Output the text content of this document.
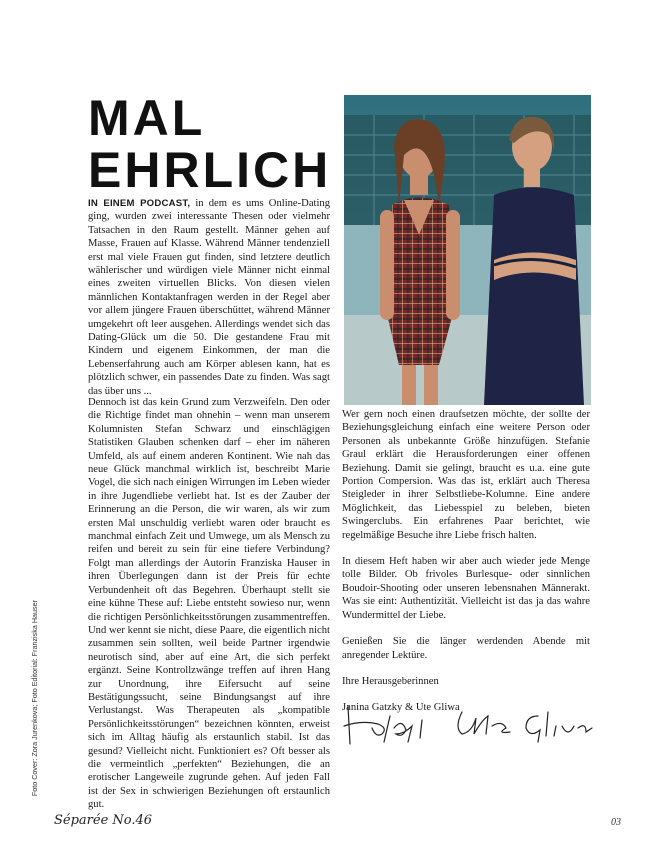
MAL
EHRLICH

IN EINEM PODCAST, in dem es ums Online-Dating ging, wurden zwei interessante Thesen oder vielmehr Tatsachen in den Raum gestellt. Männer gehen auf Masse, Frauen auf Klasse. Während Männer tendenziell erst mal viele Frauen gut finden, sind letztere deutlich wählerischer und würdigen viele Männer nicht einmal eines zweiten virtuellen Blicks. Von diesen vielen männlichen Kontaktanfragen werden in der Regel aber vor allem jüngere Frauen überschüttet, während Männer umgekehrt oft leer ausgehen. Allerdings wendet sich das Dating-Glück um die 50. Die gestandene Frau mit Kindern und eigenem Einkommen, der man die Lebenserfahrung auch am Körper ablesen kann, hat es plötzlich schwer, ein passendes Date zu finden. Was sagt das über uns ...

Dennoch ist das kein Grund zum Verzweifeln. Den oder die Richtige findet man ohnehin – wenn man unserem Kolumnisten Stefan Schwarz und einschlägigen Statistiken Glauben schenken darf – eher im näheren Umfeld, als auf einem anderen Kontinent. Wie nah das neue Glück manchmal wirklich ist, beschreibt Marie Vogel, die sich nach einigen Wirrungen im Leben wieder in ihre Jugendliebe verliebt hat. Ist es der Zauber der Erinnerung an die Person, die wir waren, als wir zum ersten Mal unschuldig verliebt waren oder braucht es manchmal einfach Zeit und Umwege, um als Mensch zu reifen und bereit zu sein für eine tiefere Verbindung? Folgt man allerdings der Autorin Franziska Hauser in ihren Überlegungen dann ist der Preis für echte Verbundenheit oft das Begehren. Überhaupt stellt sie eine kühne These auf: Liebe entsteht sowieso nur, wenn die richtigen Persönlichkeitsstörungen zusammentreffen. Und wer kennt sie nicht, diese Paare, die eigentlich nicht zusammen sein sollten, weil beide Partner irgendwie neurotisch sind, aber auf eine Art, die sich perfekt ergänzt. Seine Kontrollzwänge treffen auf ihren Hang zur Unordnung, ihre Eifersucht auf seine Bestätigungssucht, seine Bindungsangst auf ihre Verlustangst. Was Therapeuten als „kompatible Persönlichkeitsstörungen“ bezeichnen könnten, erweist sich im Alltag häufig als erstaunlich stabil. Ist das gesund? Vielleicht nicht. Funktioniert es? Oft besser als die vermeintlich „perfekten“ Beziehungen, die an erotischer Langeweile zugrunde gehen. Auf jeden Fall ist der Sex in schwierigen Beziehungen oft erstaunlich gut.

Wer gern noch einen draufsetzen möchte, der sollte der Beziehungsgleichung einfach eine weitere Person oder Personen als unbekannte Größe hinzufügen. Stefanie Graul erklärt die Herausforderungen einer offenen Beziehung. Damit sie gelingt, braucht es u.a. eine gute Portion Compersion. Was das ist, erklärt auch Theresa Steigleder in ihrer Selbstliebe-Kolumne. Eine andere Möglichkeit, das Liebesspiel zu beleben, bieten Swingerclubs. Ein erfahrenes Paar berichtet, wie regelmäßige Besuche ihre Liebe frisch halten.

In diesem Heft haben wir aber auch wieder jede Menge tolle Bilder. Ob frivoles Burlesque- oder sinnlichen Boudoir-Shooting oder unseren lebensnahen Männerakt. Was sie eint: Authentizität. Vielleicht ist das ja das wahre Wundermittel der Liebe.

Genießen Sie die länger werdenden Abende mit anregender Lektüre.

Ihre Herausgeberinnen

Janina Gatzky & Ute Gliwa

Foto Cover: Zora Jurenkova; Foto Editorial: Franziska Hauser
Séparée No.46	03
